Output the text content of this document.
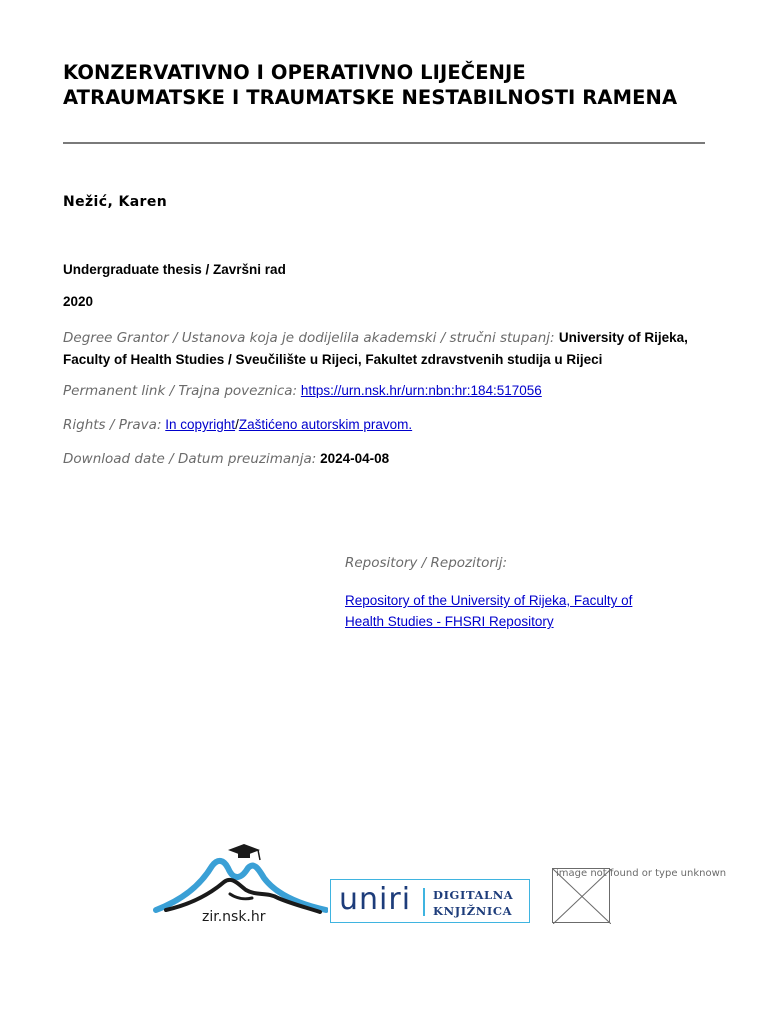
KONZERVATIVNO I OPERATIVNO LIJEČENJE ATRAUMATSKE I TRAUMATSKE NESTABILNOSTI RAMENA
Nežić, Karen
Undergraduate thesis / Završni rad
2020
Degree Grantor / Ustanova koja je dodijelila akademski / stručni stupanj: University of Rijeka, Faculty of Health Studies / Sveučilište u Rijeci, Fakultet zdravstvenih studija u Rijeci
Permanent link / Trajna poveznica: https://urn.nsk.hr/urn:nbn:hr:184:517056
Rights / Prava: In copyright/Zaštićeno autorskim pravom.
Download date / Datum preuzimanja: 2024-04-08
Repository / Repozitorij:
Repository of the University of Rijeka, Faculty of Health Studies - FHSRI Repository
zir.nsk.hr uniri DIGITALNA
KNJIŽNICA
image not found or type unknown
